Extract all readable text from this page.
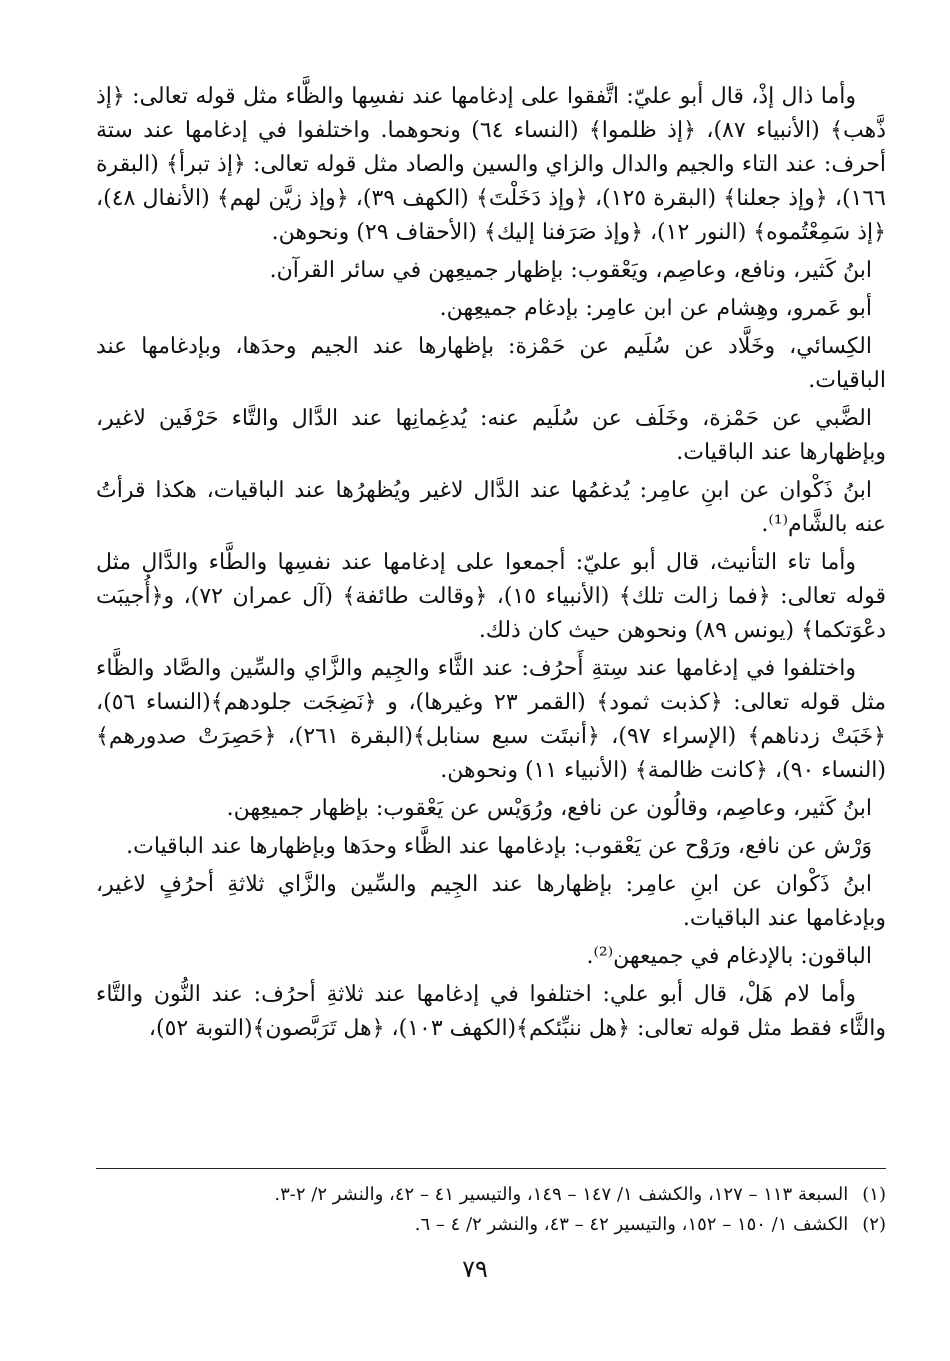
وأما ذال إذْ، قال أبو عليّ: اتَّفقوا على إدغامها عند نفسِها والظَّاء مثل قوله تعالى: ﴿إذ ذَّهب﴾ (الأنبياء ٨٧)، ﴿إذ ظلموا﴾ (النساء ٦٤) ونحوهما. واختلفوا في إدغامها عند ستة أحرف: عند التاء والجيم والدال والزاي والسين والصاد مثل قوله تعالى: ﴿إذ تبرأ﴾ (البقرة ١٦٦)، ﴿وإذ جعلنا﴾ (البقرة ١٢٥)، ﴿وإذ دَخَلْتَ﴾ (الكهف ٣٩)، ﴿وإذ زيَّن لهم﴾ (الأنفال ٤٨)، ﴿إذ سَمِعْتُموه﴾ (النور ١٢)، ﴿وإذ صَرَفنا إليك﴾ (الأحقاف ٢٩) ونحوهن.

ابنُ كَثير، ونافع، وعاصِم، ويَعْقوب: بإظهار جميعِهن في سائر القرآن.

أبو عَمرو، وهِشام عن ابن عامِر: بإدغام جميعِهن.

الكِسائي، وخَلَّاد عن سُلَيم عن حَمْزة: بإظهارها عند الجيم وحدَها، وبإدغامها عند الباقيات.

الضَّبي عن حَمْزة، وخَلَف عن سُلَيم عنه: يُدغِمانِها عند الدَّال والتَّاء حَرْفَين لاغير، وبإظهارها عند الباقيات.

ابنُ ذَكْوان عن ابنِ عامِر: يُدغمُها عند الدَّال لاغير ويُظهرُها عند الباقيات، هكذا قرأتُ عنه بالشَّام⁽¹⁾.

وأما تاء التأنيث، قال أبو عليّ: أجمعوا على إدغامها عند نفسِها والطَّاء والدَّال مثل قوله تعالى: ﴿فما زالت تلك﴾ (الأنبياء ١٥)، ﴿وقالت طائفة﴾ (آل عمران ٧٢)، و﴿أُجيبَت دعْوَتكما﴾ (يونس ٨٩) ونحوهن حيث كان ذلك.

واختلفوا في إدغامها عند سِتةِ أَحرُف: عند الثَّاء والجِيم والزَّاي والسِّين والصَّاد والظَّاء مثل قوله تعالى: ﴿كذبت ثمود﴾ (القمر ٢٣ وغيرها)، و ﴿نَضِجَت جلودهم﴾(النساء ٥٦)، ﴿خَبَتْ زدناهم﴾ (الإسراء ٩٧)، ﴿أنبتَت سبع سنابل﴾(البقرة ٢٦١)، ﴿حَصِرَتْ صدورهم﴾(النساء ٩٠)، ﴿كانت ظالمة﴾ (الأنبياء ١١) ونحوهن.

ابنُ كَثير، وعاصِم، وقالُون عن نافع، ورُوَيْس عن يَعْقوب: بإظهار جميعِهن.

وَرْش عن نافع، ورَوْح عن يَعْقوب: بإدغامها عند الظَّاء وحدَها وبإظهارها عند الباقيات.

ابنُ ذَكْوان عن ابنِ عامِر: بإظهارها عند الجِيم والسِّين والزَّاي ثلاثةِ أحرُفٍ لاغير، وبإدغامها عند الباقيات.

الباقون: بالإدغام في جميعهن⁽²⁾.

وأما لام هَلْ، قال أبو علي: اختلفوا في إدغامها عند ثلاثةِ أحرُف: عند النُّون والتَّاء والثَّاء فقط مثل قوله تعالى: ﴿هل ننبِّئكم﴾(الكهف ١٠٣)، ﴿هل تَرَبَّصون﴾(التوبة ٥٢)،

(١)
السبعة ١١٣ – ١٢٧، والكشف ١/ ١٤٧ – ١٤٩، والتيسير ٤١ – ٤٢، والنشر ٢/ ٢-٣.
(٢)
الكشف ١/ ١٥٠ – ١٥٢، والتيسير ٤٢ – ٤٣، والنشر ٢/ ٤ – ٦.
٧٩
